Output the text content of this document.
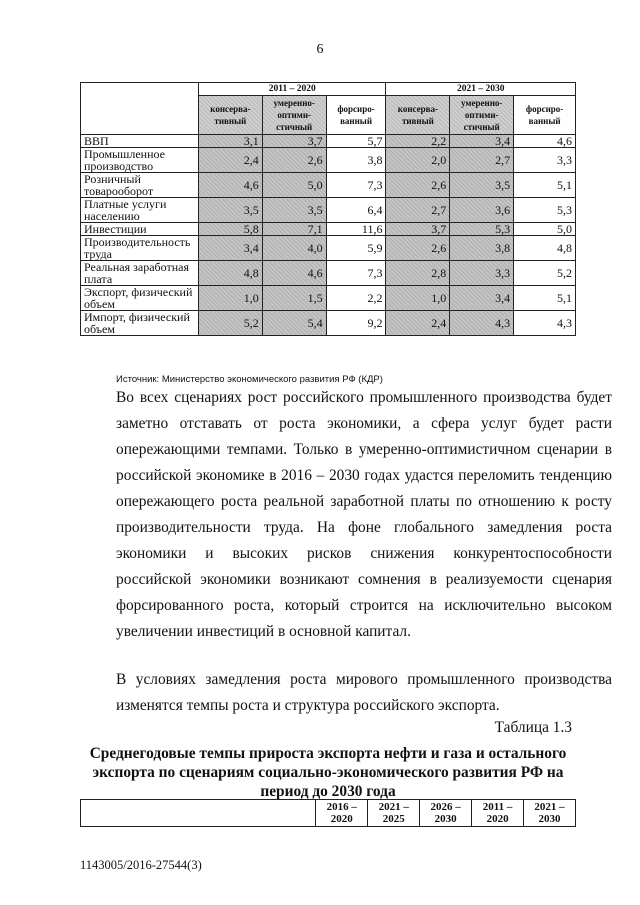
6
	2011 – 2020			2021 – 2030		
	консерва-тивный	умеренно-оптими-стичный	форсиро-ванный	консерва-тивный	умеренно-оптими-стичный	форсиро-ванный
ВВП	3,1	3,7	5,7	2,2	3,4	4,6
Промышленное производство	2,4	2,6	3,8	2,0	2,7	3,3
Розничный товарооборот	4,6	5,0	7,3	2,6	3,5	5,1
Платные услуги населению	3,5	3,5	6,4	2,7	3,6	5,3
Инвестиции	5,8	7,1	11,6	3,7	5,3	5,0
Производительность труда	3,4	4,0	5,9	2,6	3,8	4,8
Реальная заработная плата	4,8	4,6	7,3	2,8	3,3	5,2
Экспорт, физический объем	1,0	1,5	2,2	1,0	3,4	5,1
Импорт, физический объем	5,2	5,4	9,2	2,4	4,3	4,3
Источник: Министерство экономического развития РФ (КДР)

Во всех сценариях рост российского промышленного производства будет заметно отставать от роста экономики, а сфера услуг будет расти опережающими темпами. Только в умеренно-оптимистичном сценарии в российской экономике в 2016 – 2030 годах удастся переломить тенденцию опережающего роста реальной заработной платы по отношению к росту производительности труда. На фоне глобального замедления роста экономики и высоких рисков снижения конкурентоспособности российской экономики возникают сомнения в реализуемости сценария форсированного роста, который строится на исключительно высоком увеличении инвестиций в основной капитал.

В условиях замедления роста мирового промышленного производства изменятся темпы роста и структура российского экспорта.

Таблица 1.3

Среднегодовые темпы прироста экспорта нефти и газа и остального экспорта по сценариям социально-экономического развития РФ на период до 2030 года

	2016 – 2020	2021 – 2025	2026 – 2030	2011 – 2020	2021 – 2030
1143005/2016-27544(3)
